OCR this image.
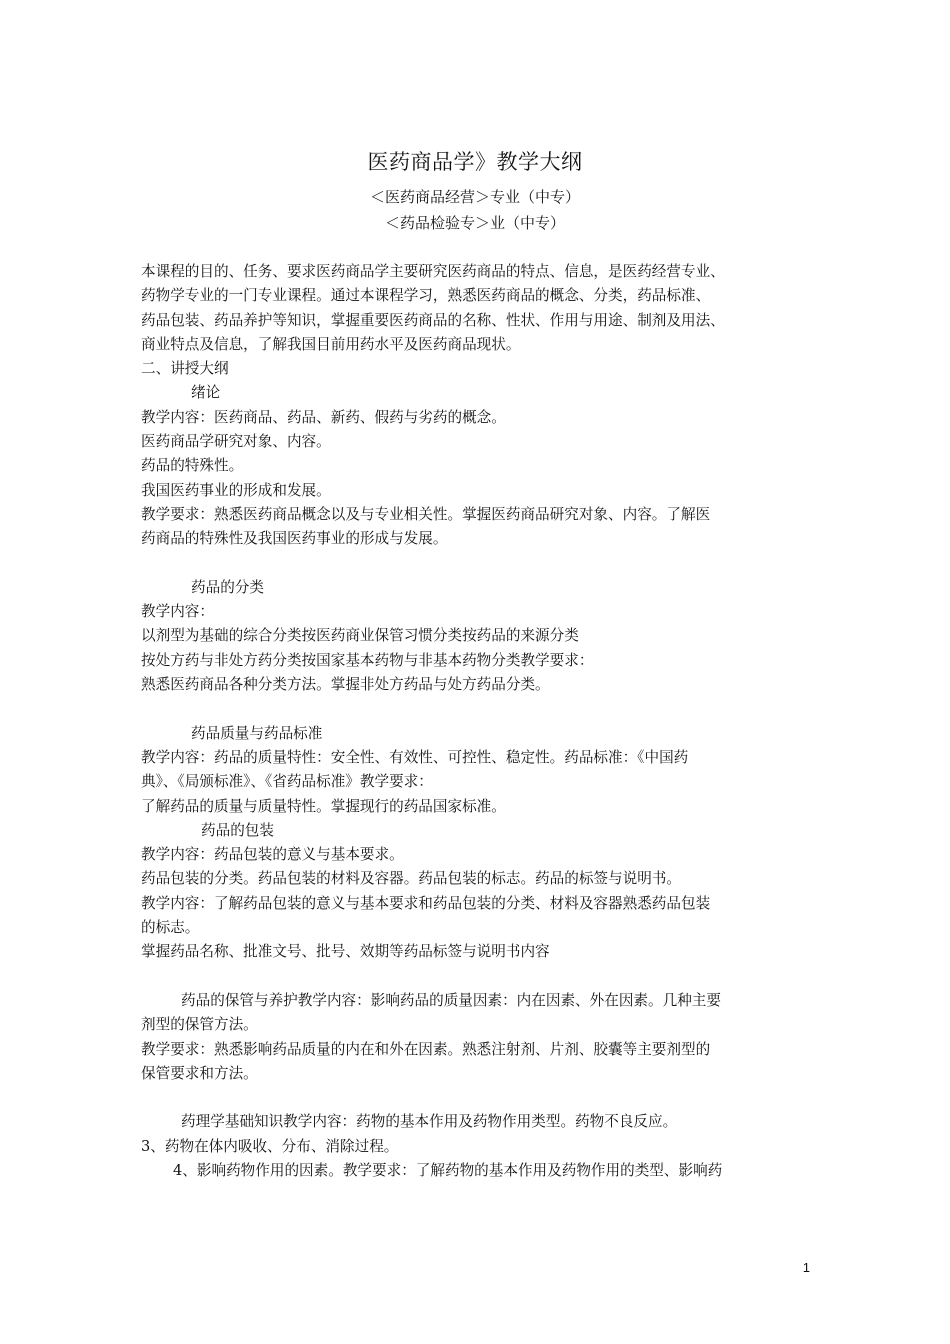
医药商品学》教学大纲
＜医药商品经营＞专业（中专）
＜药品检验专＞业（中专）

本课程的目的、任务、要求医药商品学主要研究医药商品的特点、信息，是医药经营专业、

药物学专业的一门专业课程。通过本课程学习，熟悉医药商品的概念、分类，药品标准、

药品包装、药品养护等知识，掌握重要医药商品的名称、性状、作用与用途、制剂及用法、

商业特点及信息，了解我国目前用药水平及医药商品现状。

二、讲授大纲

绪论

教学内容：医药商品、药品、新药、假药与劣药的概念。

医药商品学研究对象、内容。

药品的特殊性。

我国医药事业的形成和发展。

教学要求：熟悉医药商品概念以及与专业相关性。掌握医药商品研究对象、内容。了解医

药商品的特殊性及我国医药事业的形成与发展。

药品的分类

教学内容：

以剂型为基础的综合分类按医药商业保管习惯分类按药品的来源分类

按处方药与非处方药分类按国家基本药物与非基本药物分类教学要求：

熟悉医药商品各种分类方法。掌握非处方药品与处方药品分类。

药品质量与药品标准

教学内容：药品的质量特性：安全性、有效性、可控性、稳定性。药品标准：《中国药

典》、《局颁标准》、《省药品标准》教学要求：

了解药品的质量与质量特性。掌握现行的药品国家标准。

药品的包装

教学内容：药品包装的意义与基本要求。

药品包装的分类。药品包装的材料及容器。药品包装的标志。药品的标签与说明书。

教学内容：了解药品包装的意义与基本要求和药品包装的分类、材料及容器熟悉药品包装

的标志。

掌握药品名称、批准文号、批号、效期等药品标签与说明书内容

药品的保管与养护教学内容：影响药品的质量因素：内在因素、外在因素。几种主要

剂型的保管方法。

教学要求：熟悉影响药品质量的内在和外在因素。熟悉注射剂、片剂、胶囊等主要剂型的

保管要求和方法。

药理学基础知识教学内容：药物的基本作用及药物作用类型。药物不良反应。

3、药物在体内吸收、分布、消除过程。

4、影响药物作用的因素。教学要求：了解药物的基本作用及药物作用的类型、影响药

1
